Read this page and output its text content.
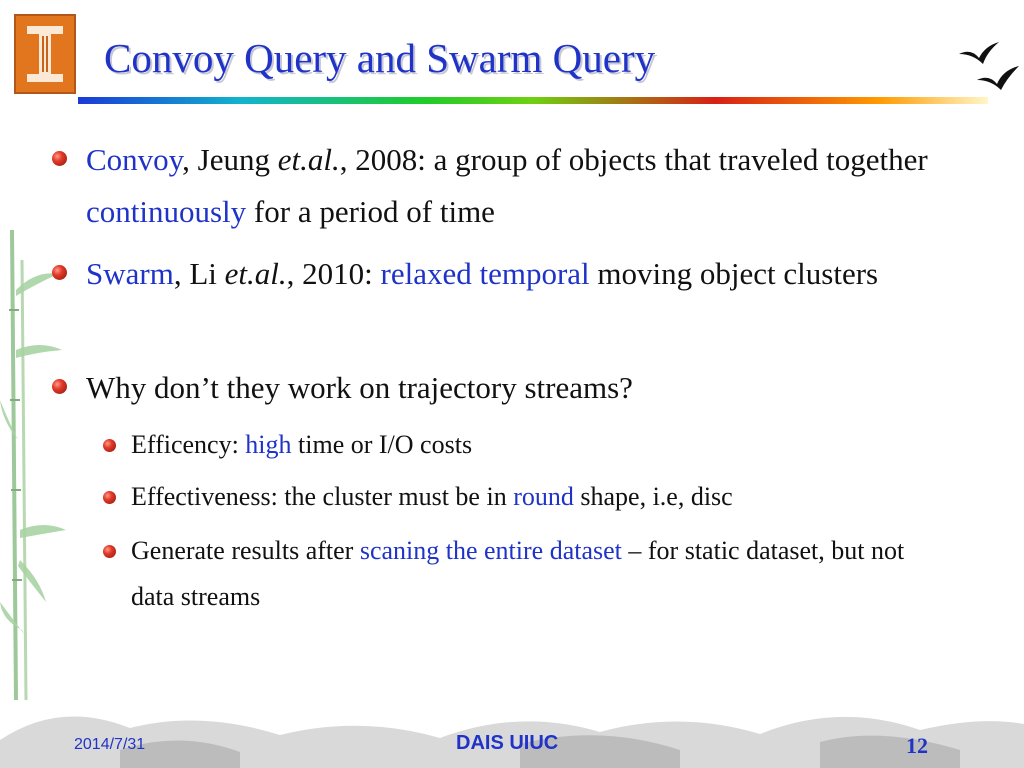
Convoy Query and Swarm Query
Convoy, Jeung et.al., 2008: a group of objects that traveled together continuously for a period of time
Swarm, Li et.al., 2010: relaxed temporal moving object clusters
Why don’t they work on trajectory streams?
Efficency: high time or I/O costs
Effectiveness: the cluster must be in round shape, i.e, disc
Generate results after scaning the entire dataset – for static dataset, but not data streams
2014/7/31	DAIS UIUC	12
